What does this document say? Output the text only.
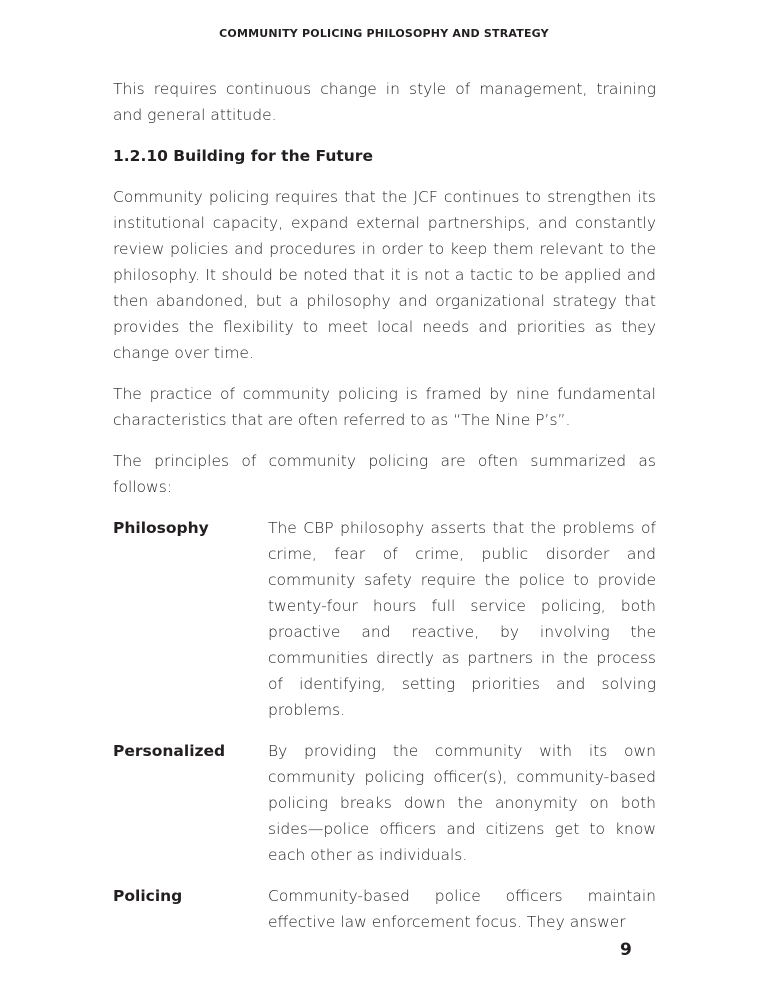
COMMUNITY POLICING PHILOSOPHY AND STRATEGY

This requires continuous change in style of management, training and general attitude.

1.2.10 Building for the Future

Community policing requires that the JCF continues to strengthen its institutional capacity, expand external partnerships, and constantly review policies and procedures in order to keep them relevant to the philosophy. It should be noted that it is not a tactic to be applied and then abandoned, but a philosophy and organizational strategy that provides the flexibility to meet local needs and priorities as they change over time.

The practice of community policing is framed by nine fundamental characteristics that are often referred to as “The Nine P’s”.

The principles of community policing are often summarized as follows:

Philosophy	The CBP philosophy asserts that the problems of crime, fear of crime, public disorder and community safety require the police to provide twenty-four hours full service policing, both proactive and reactive, by involving the communities directly as partners in the process of identifying, setting priorities and solving problems.
Personalized	By providing the community with its own community policing officer(s), community-based policing breaks down the anonymity on both sides—police officers and citizens get to know each other as individuals.
Policing	Community-based police officers maintain effective law enforcement focus. They answer
9
